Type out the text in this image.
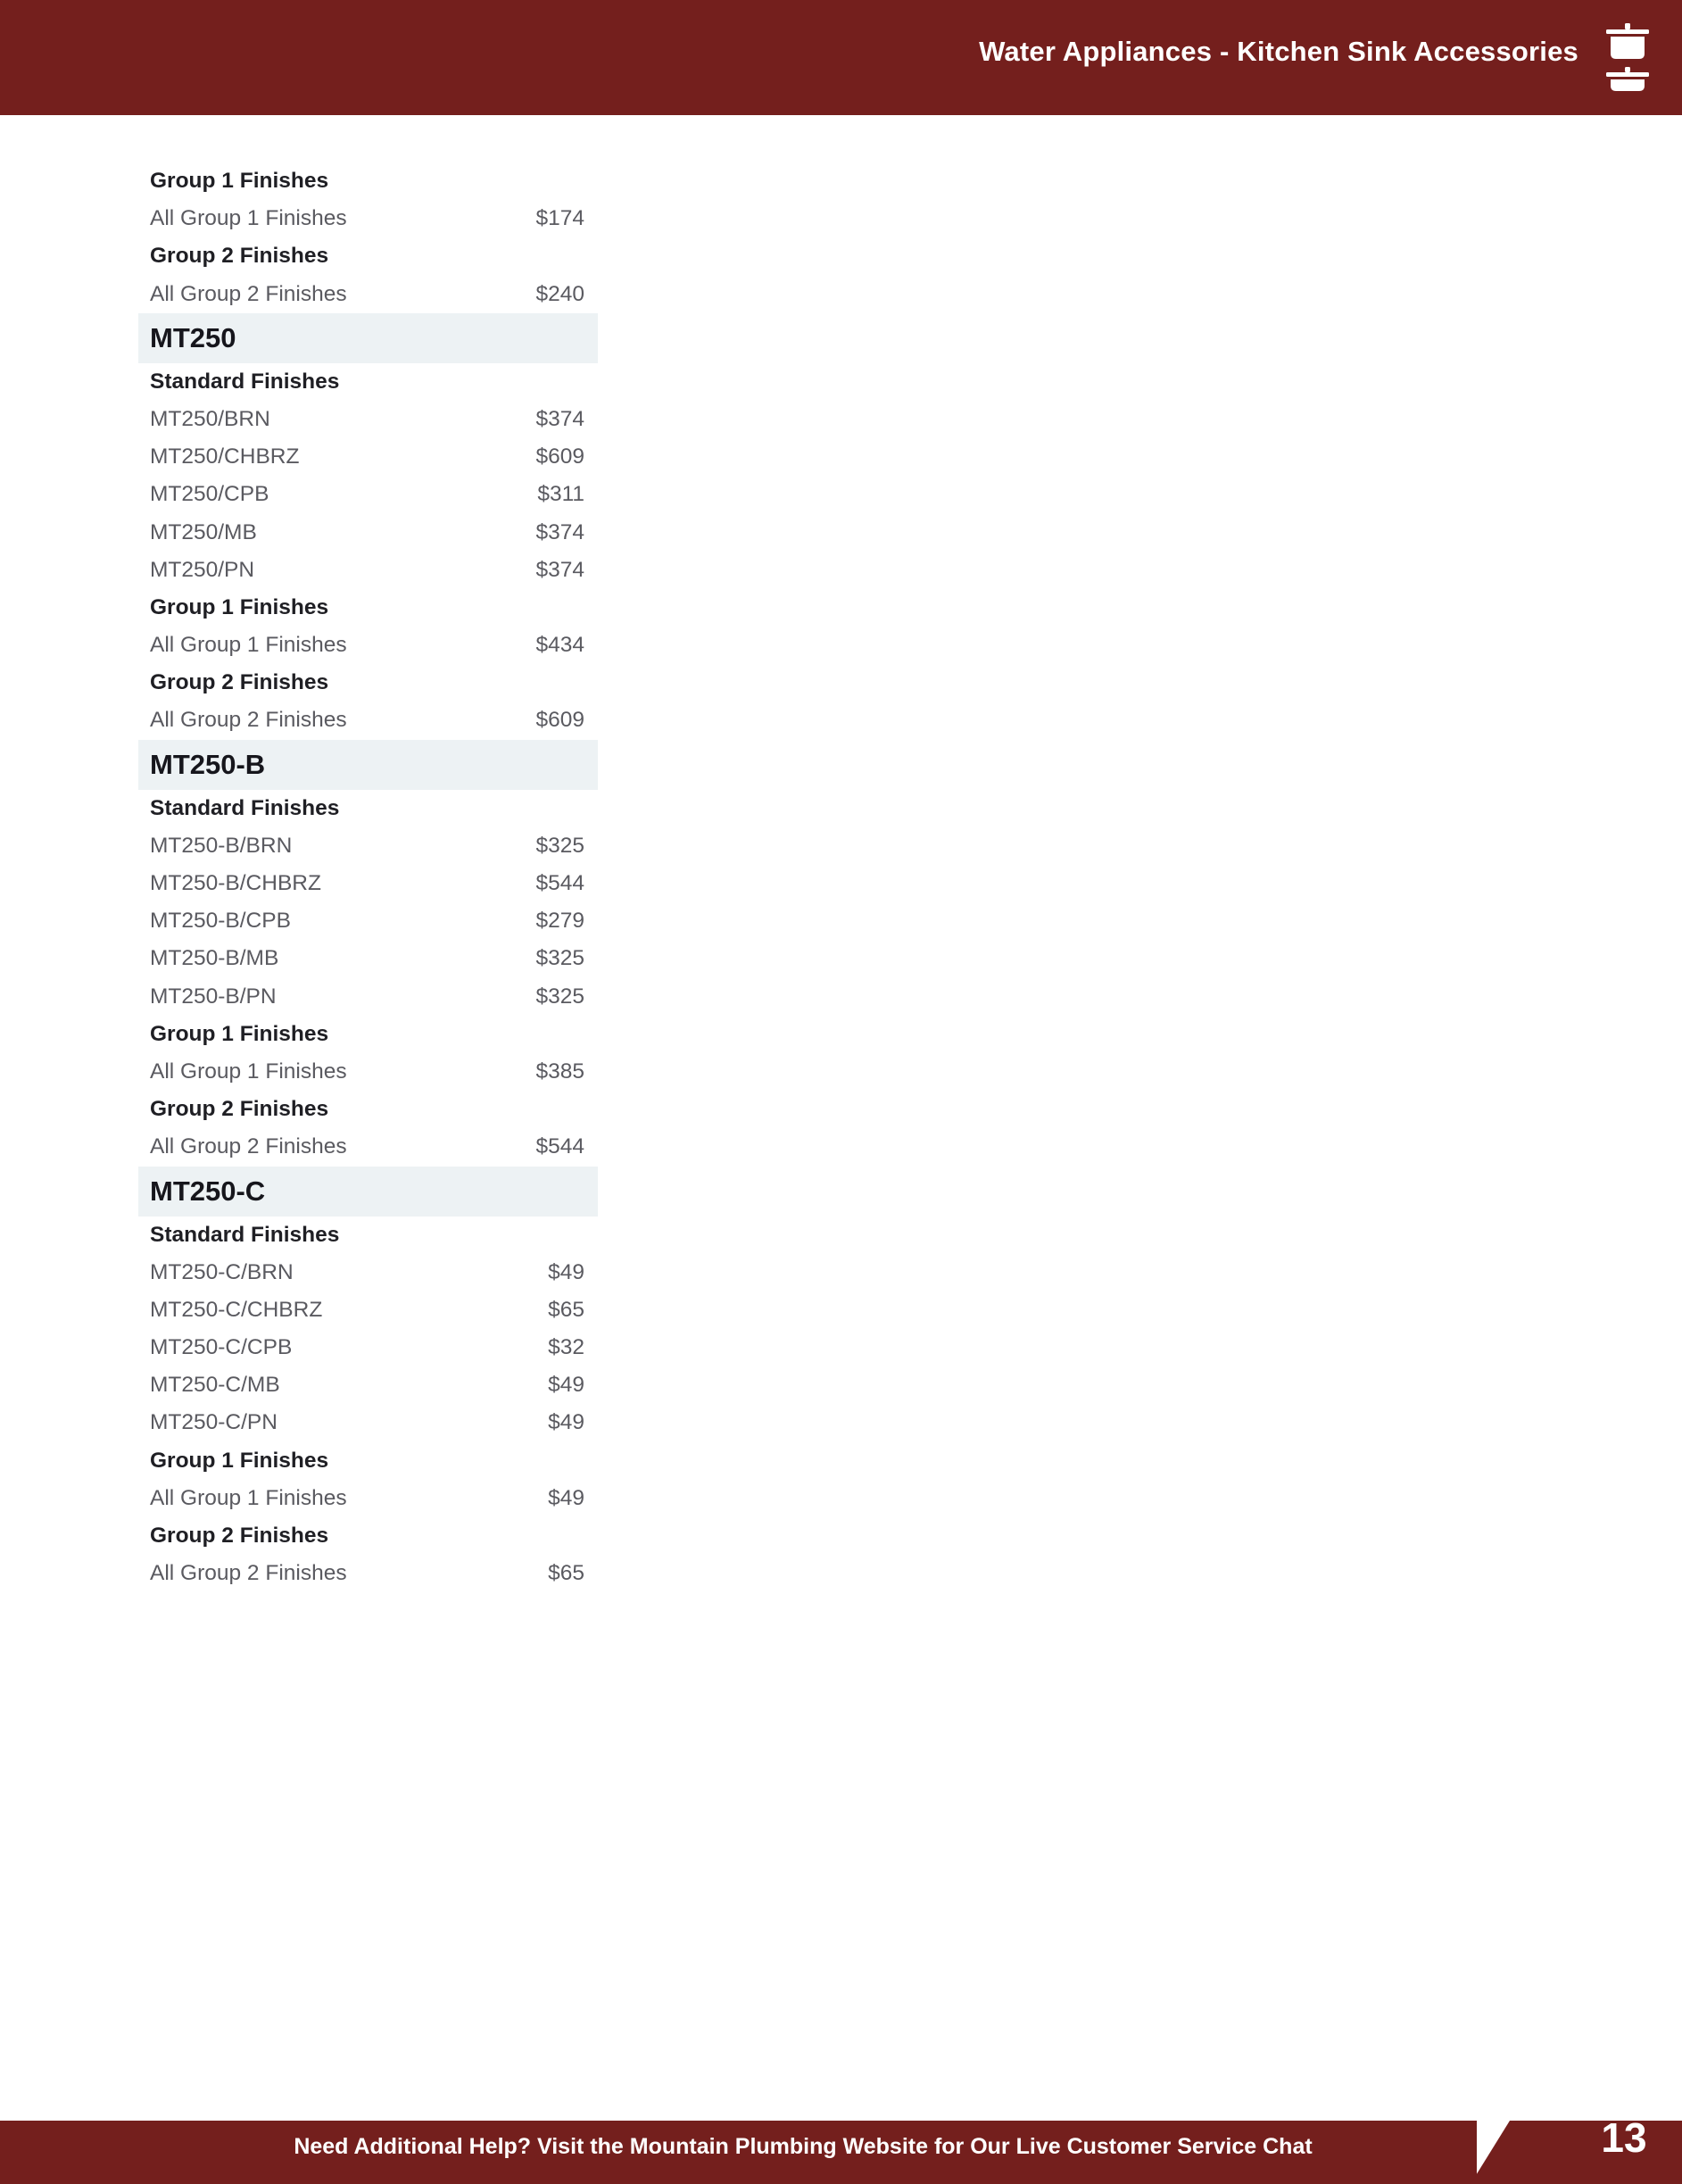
Water Appliances - Kitchen Sink Accessories
Group 1 Finishes
All Group 1 Finishes	$174
Group 2 Finishes
All Group 2 Finishes	$240
MT250
Standard Finishes
MT250/BRN	$374
MT250/CHBRZ	$609
MT250/CPB	$311
MT250/MB	$374
MT250/PN	$374
Group 1 Finishes
All Group 1 Finishes	$434
Group 2 Finishes
All Group 2 Finishes	$609
MT250-B
Standard Finishes
MT250-B/BRN	$325
MT250-B/CHBRZ	$544
MT250-B/CPB	$279
MT250-B/MB	$325
MT250-B/PN	$325
Group 1 Finishes
All Group 1 Finishes	$385
Group 2 Finishes
All Group 2 Finishes	$544
MT250-C
Standard Finishes
MT250-C/BRN	$49
MT250-C/CHBRZ	$65
MT250-C/CPB	$32
MT250-C/MB	$49
MT250-C/PN	$49
Group 1 Finishes
All Group 1 Finishes	$49
Group 2 Finishes
All Group 2 Finishes	$65
Need Additional Help? Visit the Mountain Plumbing Website for Our Live Customer Service Chat	13
